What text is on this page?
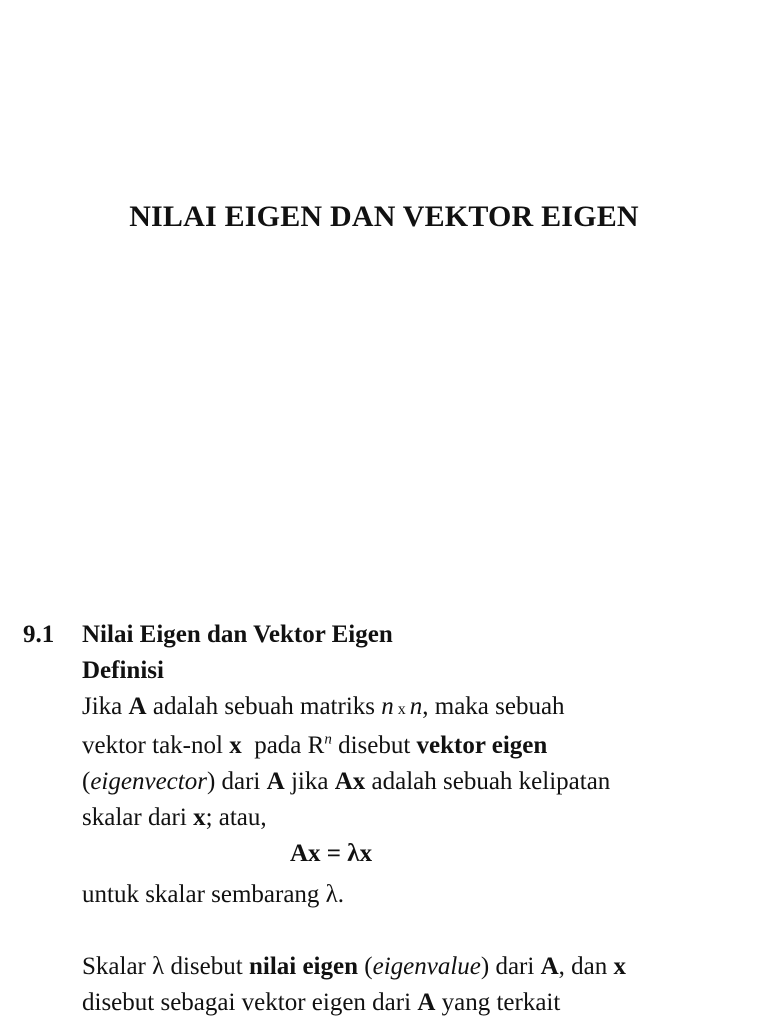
NILAI EIGEN DAN VEKTOR EIGEN
9.1 Nilai Eigen dan Vektor Eigen
Definisi
Jika A adalah sebuah matriks n x n, maka sebuah
vektor tak-nol x  pada $R^n$ disebut vektor eigen
(eigenvector) dari A jika Ax adalah sebuah kelipatan
skalar dari x; atau,
Ax = λx
untuk skalar sembarang λ.
Skalar λ disebut nilai eigen (eigenvalue) dari A, dan x
disebut sebagai vektor eigen dari A yang terkait
